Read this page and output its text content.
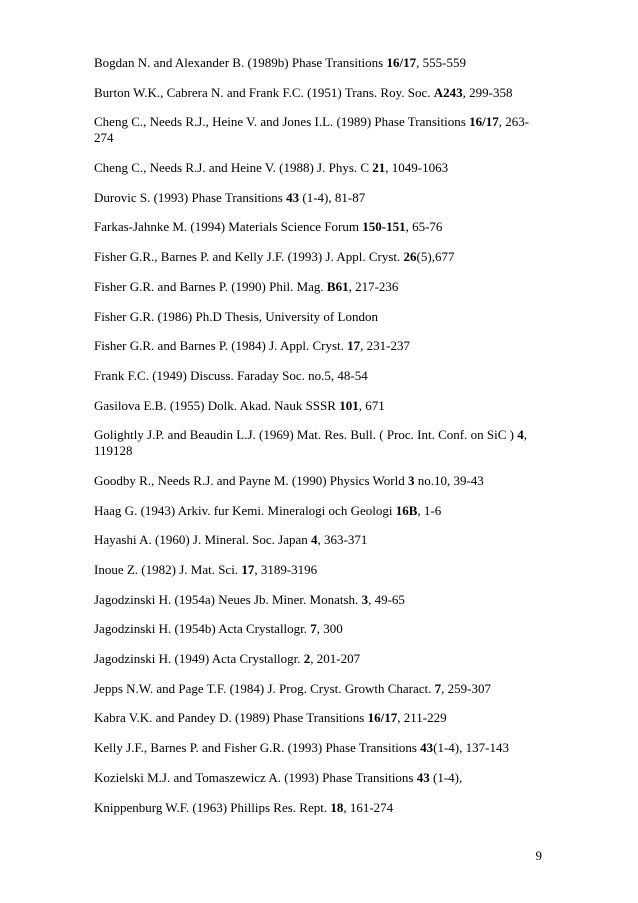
Bogdan N. and Alexander B. (1989b) Phase Transitions 16/17, 555-559

Burton W.K., Cabrera N. and Frank F.C. (1951) Trans. Roy. Soc. A243, 299-358

Cheng C., Needs R.J., Heine V. and Jones I.L. (1989) Phase Transitions 16/17, 263-274

Cheng C., Needs R.J. and Heine V. (1988) J. Phys. C 21, 1049-1063

Durovic S. (1993) Phase Transitions 43 (1-4), 81-87

Farkas-Jahnke M. (1994) Materials Science Forum 150-151, 65-76

Fisher G.R., Barnes P. and Kelly J.F. (1993) J. Appl. Cryst. 26(5),677

Fisher G.R. and Barnes P. (1990) Phil. Mag. B61, 217-236

Fisher G.R. (1986) Ph.D Thesis, University of London

Fisher G.R. and Barnes P. (1984) J. Appl. Cryst. 17, 231-237

Frank F.C. (1949) Discuss. Faraday Soc. no.5, 48-54

Gasilova E.B. (1955) Dolk. Akad. Nauk SSSR 101, 671

Golightly J.P. and Beaudin L.J. (1969) Mat. Res. Bull. ( Proc. Int. Conf. on SiC ) 4, 119128

Goodby R., Needs R.J. and Payne M. (1990) Physics World 3 no.10, 39-43

Haag G. (1943) Arkiv. fur Kemi. Mineralogi och Geologi 16B, 1-6

Hayashi A. (1960) J. Mineral. Soc. Japan 4, 363-371

Inoue Z. (1982) J. Mat. Sci. 17, 3189-3196

Jagodzinski H. (1954a) Neues Jb. Miner. Monatsh. 3, 49-65

Jagodzinski H. (1954b) Acta Crystallogr. 7, 300

Jagodzinski H. (1949) Acta Crystallogr. 2, 201-207

Jepps N.W. and Page T.F. (1984) J. Prog. Cryst. Growth Charact. 7, 259-307

Kabra V.K. and Pandey D. (1989) Phase Transitions 16/17, 211-229

Kelly J.F., Barnes P. and Fisher G.R. (1993) Phase Transitions 43(1-4), 137-143

Kozielski M.J. and Tomaszewicz A. (1993) Phase Transitions 43 (1-4),

Knippenburg W.F. (1963) Phillips Res. Rept. 18, 161-274

9
